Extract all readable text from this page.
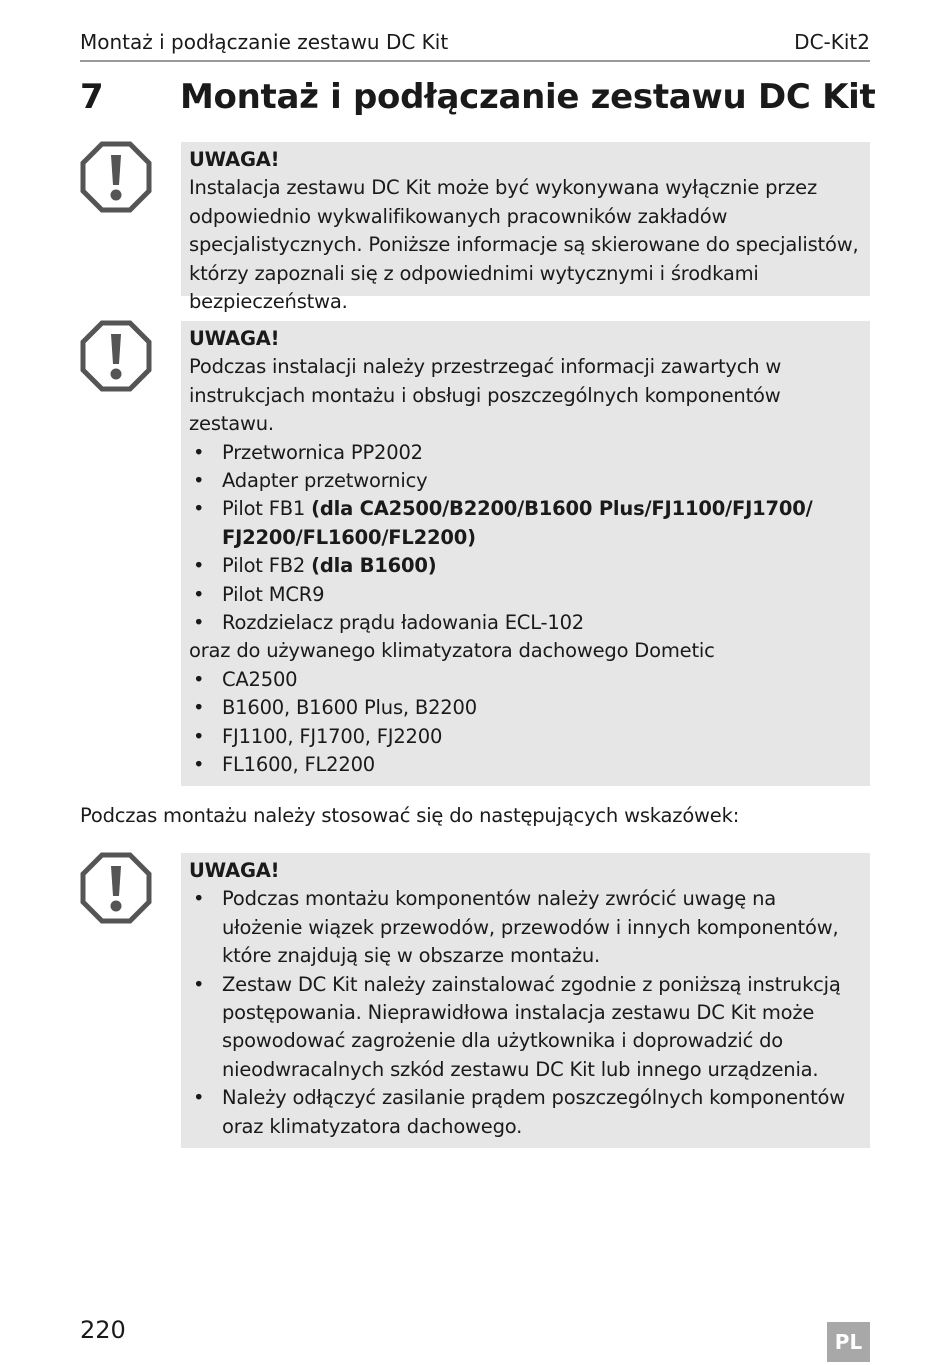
Montaż i podłączanie zestawu DC Kit	DC-Kit2
7 Montaż i podłączanie zestawu DC Kit
UWAGA!

Instalacja zestawu DC Kit może być wykonywana wyłącznie przez odpowiednio wykwalifikowanych pracowników zakładów specjalistycznych. Poniższe informacje są skierowane do specjalistów, którzy zapoznali się z odpowiednimi wytycznymi i środkami bezpieczeństwa.

UWAGA!

Podczas instalacji należy przestrzegać informacji zawartych w instrukcjach montażu i obsługi poszczególnych komponentów zestawu.

• Przetwornica PP2002
• Adapter przetwornicy
• Pilot FB1 (dla CA2500/B2200/B1600 Plus/FJ1100/FJ1700/ FJ2200/FL1600/FL2200)
• Pilot FB2 (dla B1600)
• Pilot MCR9
• Rozdzielacz prądu ładowania ECL-102

oraz do używanego klimatyzatora dachowego Dometic

• CA2500
• B1600, B1600 Plus, B2200
• FJ1100, FJ1700, FJ2200
• FL1600, FL2200

Podczas montażu należy stosować się do następujących wskazówek:

UWAGA!
• Podczas montażu komponentów należy zwrócić uwagę na ułożenie wiązek przewodów, przewodów i innych komponentów, które znajdują się w obszarze montażu.
• Zestaw DC Kit należy zainstalować zgodnie z poniższą instrukcją postępowania. Nieprawidłowa instalacja zestawu DC Kit może spowodować zagrożenie dla użytkownika i doprowadzić do nieodwracalnych szkód zestawu DC Kit lub innego urządzenia.
• Należy odłączyć zasilanie prądem poszczególnych komponentów oraz klimatyzatora dachowego.
220	PL
